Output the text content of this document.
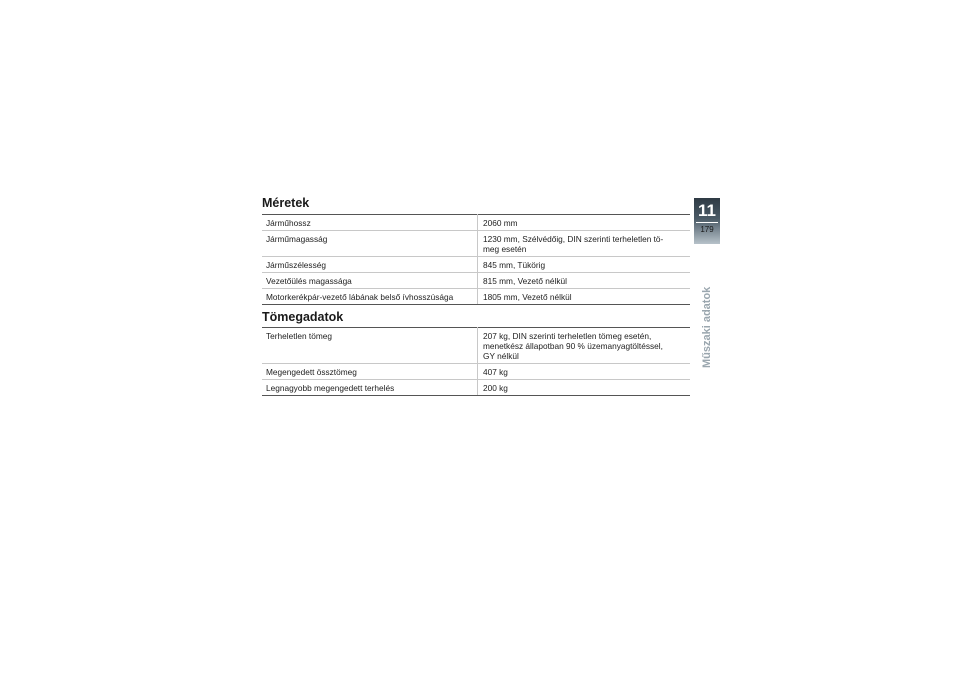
Méretek
Járműhossz	2060 mm
Járműmagasság	1230 mm, Szélvédőig, DIN szerinti terheletlen tö-
meg esetén
Járműszélesség	845 mm, Tükörig
Vezetőülés magassága	815 mm, Vezető nélkül
Motorkerékpár-vezető lábának belső ívhosszúsága	1805 mm, Vezető nélkül
Tömegadatok
Terheletlen tömeg	207 kg, DIN szerinti terheletlen tömeg esetén,
menetkész állapotban 90 % üzemanyagtöltéssel,
GY nélkül
Megengedett össztömeg	407 kg
Legnagyobb megengedett terhelés	200 kg
11
179
Műszaki adatok
